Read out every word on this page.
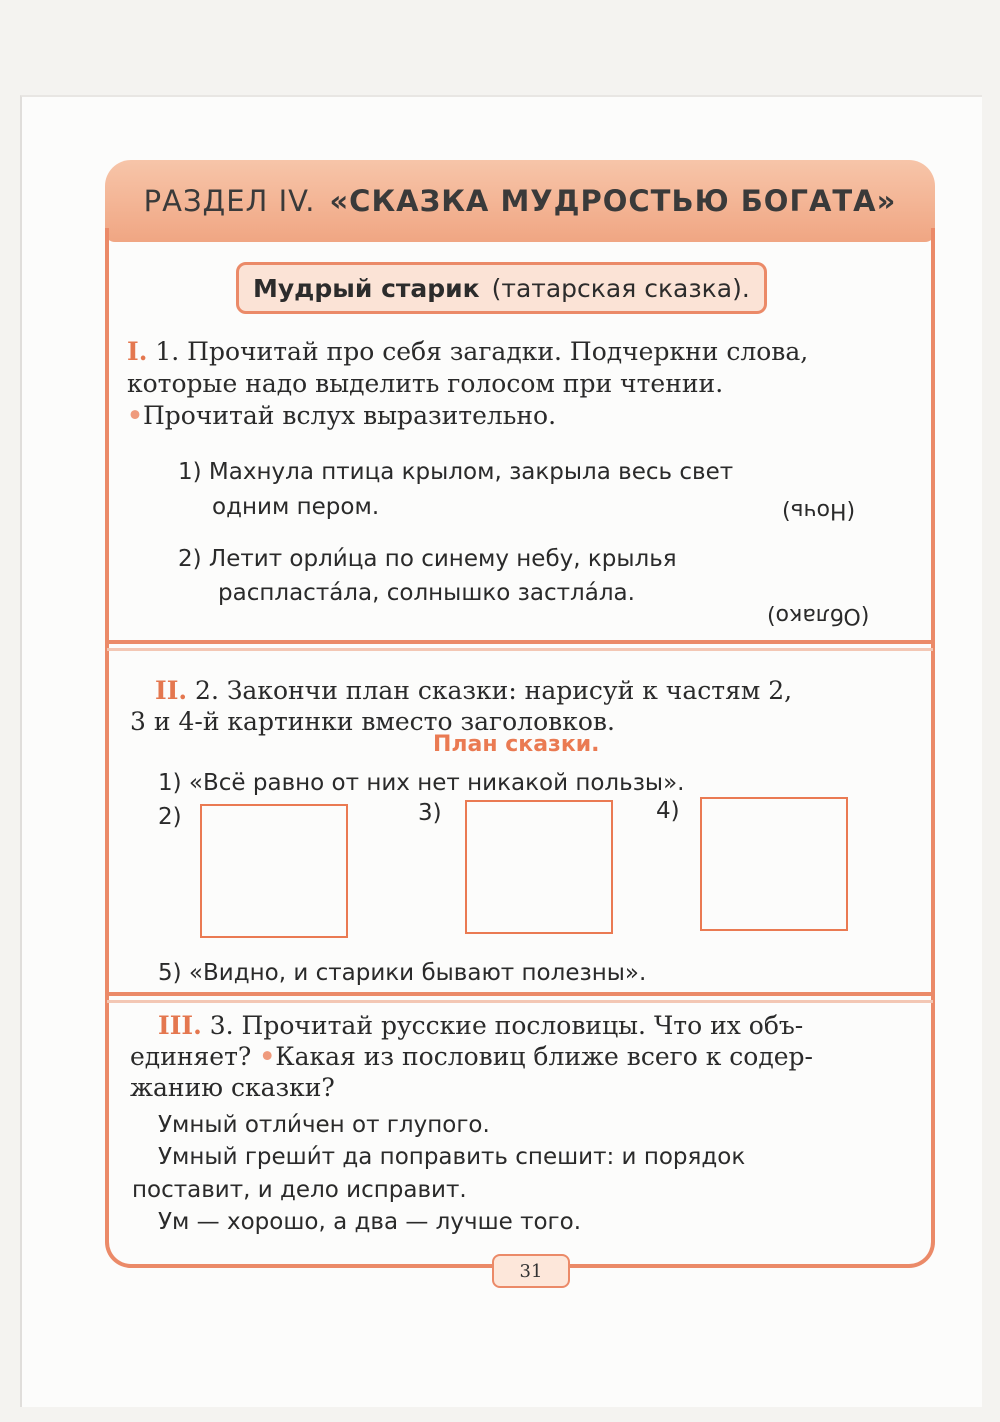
РАЗДЕЛ IV. «СКАЗКА МУДРОСТЬЮ БОГАТА»
Мудрый старик (татарская сказка).
I. 1. Прочитай про себя загадки. Подчеркни слова,
которые надо выделить голосом при чтении.
•Прочитай вслух выразительно.
1) Махнула птица крылом, закрыла весь свет
одним пером.	(Ночь)
2) Летит орли́ца по синему небу, крылья
распласта́ла, солнышко застла́ла.
(Облако)
II. 2. Закончи план сказки: нарисуй к частям 2,
3 и 4-й картинки вместо заголовков.
План сказки.
1) «Всё равно от них нет никакой пользы».
2)	3)	4)
5) «Видно, и старики бывают полезны».
III. 3. Прочитай русские пословицы. Что их объ-
единяет? •Какая из пословиц ближе всего к содер-
жанию сказки?
Умный отли́чен от глупого.
Умный греши́т да поправить спешит: и порядок
поставит, и дело исправит.
Ум — хорошо, а два — лучше того.
31
